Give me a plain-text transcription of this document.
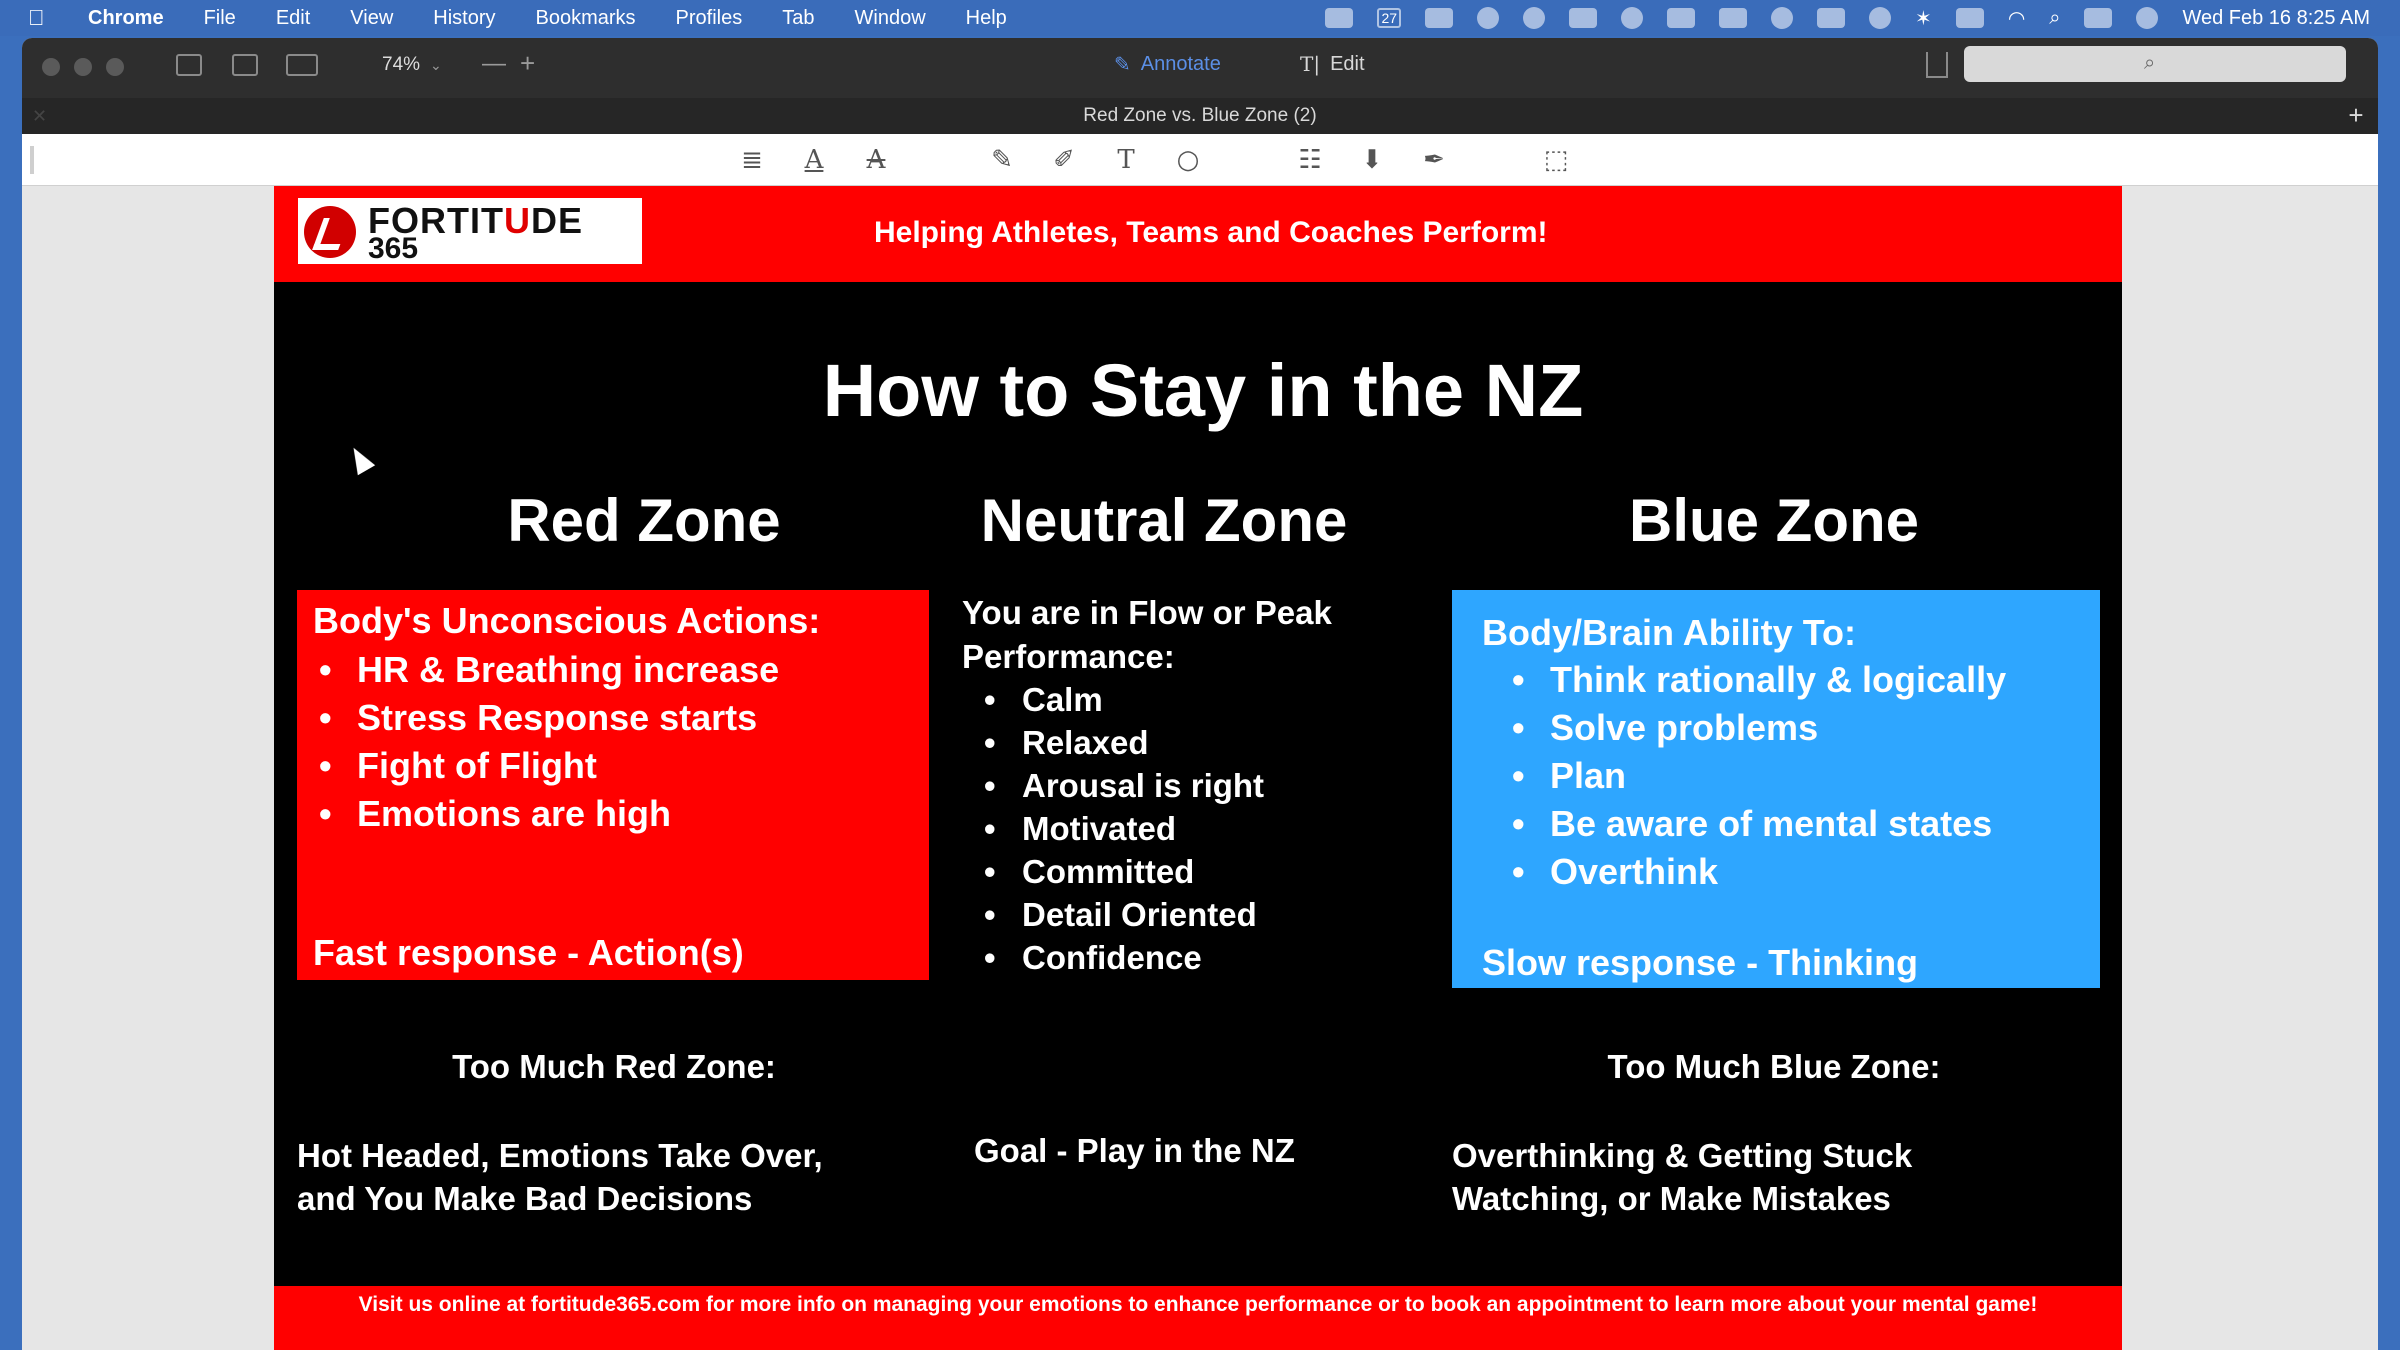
Chrome File Edit View History Bookmarks Profiles Tab Window Help	27	✶	◠ ⌕	Wed Feb 16 8:25 AM
74% ⌄ — +	✎ Annotate	T| Edit	⌕
✕	Red Zone vs. Blue Zone (2)	+
≣ A A	✎ ✐ T ○	☷ ⬇ ✒	⬚
FORTITUDE
365	Helping Athletes, Teams and Coaches Perform!
How to Stay in the NZ
Red Zone	Neutral Zone	Blue Zone
Body's Unconscious Actions:
• HR & Breathing increase
• Stress Response starts
• Fight of Flight
• Emotions are high
Fast response - Action(s)
You are in Flow or Peak
Performance:
• Calm
• Relaxed
• Arousal is right
• Motivated
• Committed
• Detail Oriented
• Confidence
Body/Brain Ability To:
• Think rationally & logically
• Solve problems
• Plan
• Be aware of mental states
• Overthink
Slow response - Thinking
Too Much Red Zone:	Too Much Blue Zone:
Hot Headed, Emotions Take Over,
and You Make Bad Decisions
Goal - Play in the NZ	Overthinking & Getting Stuck
Watching, or Make Mistakes
Visit us online at fortitude365.com for more info on managing your emotions to enhance performance or to book an appointment to learn more about your mental game!
